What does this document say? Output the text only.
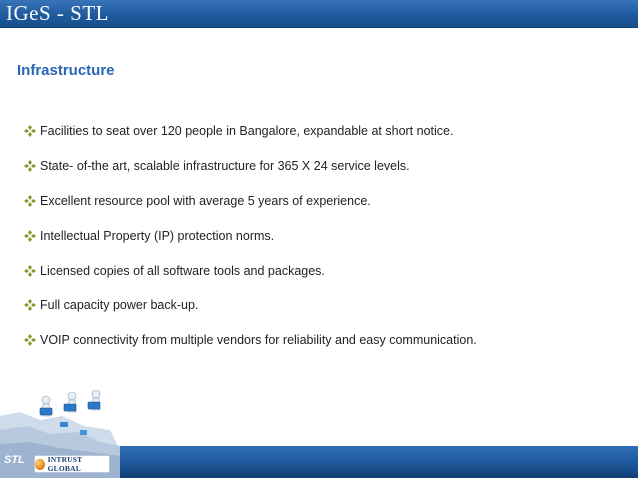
IGeS - STL
Infrastructure
Facilities to seat over 120 people in Bangalore, expandable at short notice.
State- of-the art, scalable infrastructure for 365 X 24 service levels.
Excellent resource pool with average 5 years of experience.
Intellectual Property (IP) protection norms.
Licensed copies of all software tools and packages.
Full capacity power back-up.
VOIP connectivity from multiple vendors for reliability and easy communication.
STL	INTRUST GLOBAL
